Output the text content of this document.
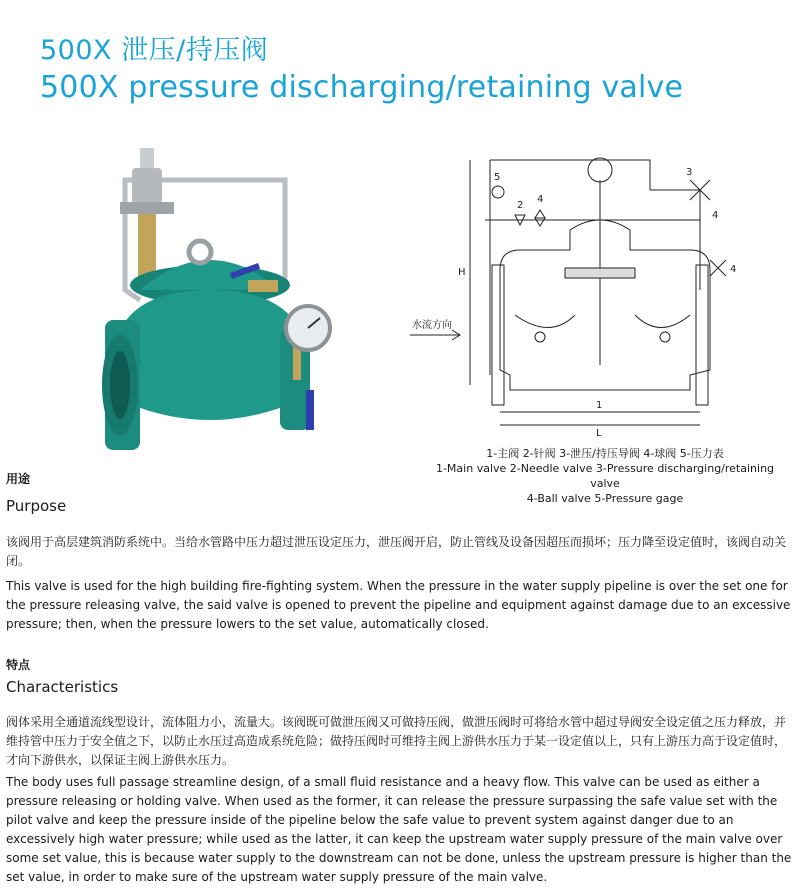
500X 泄压/持压阀
500X pressure discharging/retaining valve
水流方向
H
L
1
5
4
2
3
4
4
1-主阀 2-针阀 3-泄压/持压导阀 4-球阀 5-压力表
1-Main valve 2-Needle valve 3-Pressure discharging/retaining valve
4-Ball valve 5-Pressure gage
用途
Purpose
该阀用于高层建筑消防系统中。当给水管路中压力超过泄压设定压力，泄压阀开启，防止管线及设备因超压而损坏；压力降至设定值时，该阀自动关闭。
This valve is used for the high building fire-fighting system. When the pressure in the water supply pipeline is over the set one for the pressure releasing valve, the said valve is opened to prevent the pipeline and equipment against damage due to an excessive pressure; then, when the pressure lowers to the set value, automatically closed.
特点
Characteristics
阀体采用全通道流线型设计，流体阻力小，流量大。该阀既可做泄压阀又可做持压阀，做泄压阀时可将给水管中超过导阀安全设定值之压力释放，并维持管中压力于安全值之下，以防止水压过高造成系统危险；做持压阀时可维持主阀上游供水压力于某一设定值以上，只有上游压力高于设定值时，才向下游供水，以保证主阀上游供水压力。
The body uses full passage streamline design, of a small fluid resistance and a heavy flow. This valve can be used as either a pressure releasing or holding valve. When used as the former, it can release the pressure surpassing the safe value set with the pilot valve and keep the pressure inside of the pipeline below the safe value to prevent system against danger due to an excessively high water pressure; while used as the latter, it can keep the upstream water supply pressure of the main valve over some set value, this is because water supply to the downstream can not be done, unless the upstream pressure is higher than the set value, in order to make sure of the upstream water supply pressure of the main valve.
